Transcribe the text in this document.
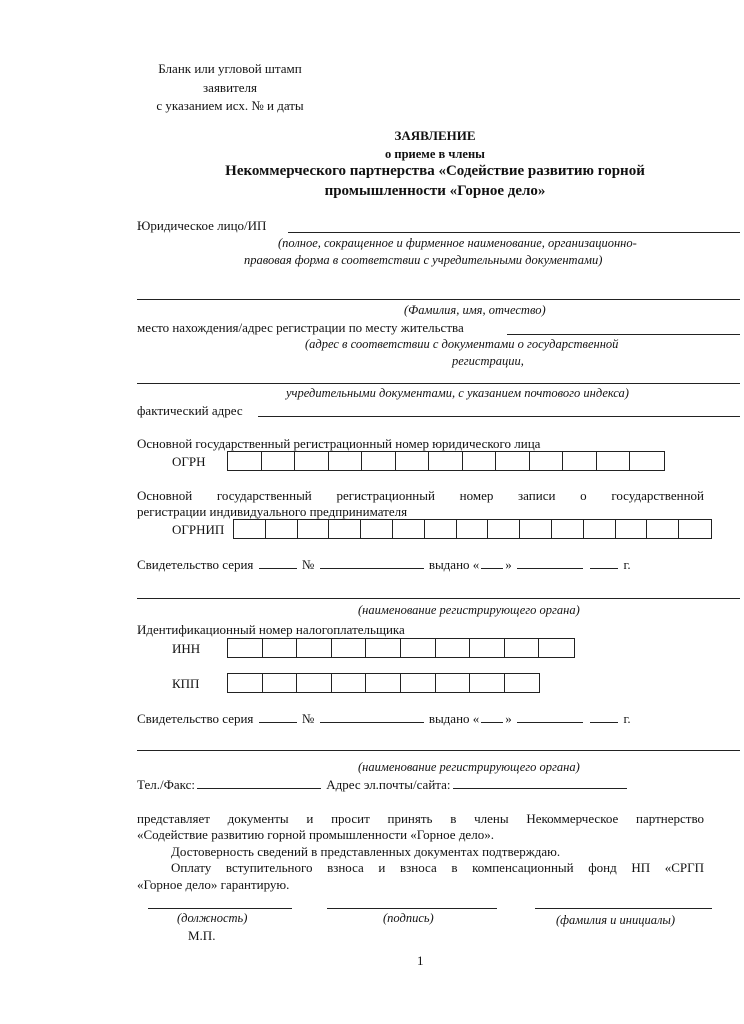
Бланк или угловой штамп
заявителя
с указанием исх. № и даты
ЗАЯВЛЕНИЕ
о приеме в члены
Некоммерческого партнерства «Содействие развитию горной
промышленности «Горное дело»
Юридическое лицо/ИП
(полное, сокращенное и фирменное наименование, организационно-
правовая форма в соответствии с учредительными документами)
(Фамилия, имя, отчество)
место нахождения/адрес регистрации по месту жительства
(адрес в соответствии с документами о государственной
регистрации,
учредительными документами, с указанием почтового индекса)
фактический адрес
Основной государственный регистрационный номер юридического лица
ОГРН
Основной государственный регистрационный номер записи о государственной
регистрации индивидуального предпринимателя
ОГРНИП
Свидетельство серия	№	выдано « »	г.
(наименование регистрирующего органа)
Идентификационный номер налогоплательщика
ИНН
КПП
Свидетельство серия	№	выдано « »	г.
(наименование регистрирующего органа)
Тел./Факс:	Адрес эл.почты/сайта:
представляет документы и просит принять в члены Некоммерческое партнерство
«Содействие развитию горной промышленности «Горное дело».
Достоверность сведений в представленных документах подтверждаю.
Оплату вступительного взноса и взноса в компенсационный фонд НП «СРГП
«Горное дело» гарантирую.
(должность)	(подпись)	(фамилия и инициалы)
М.П.
1
